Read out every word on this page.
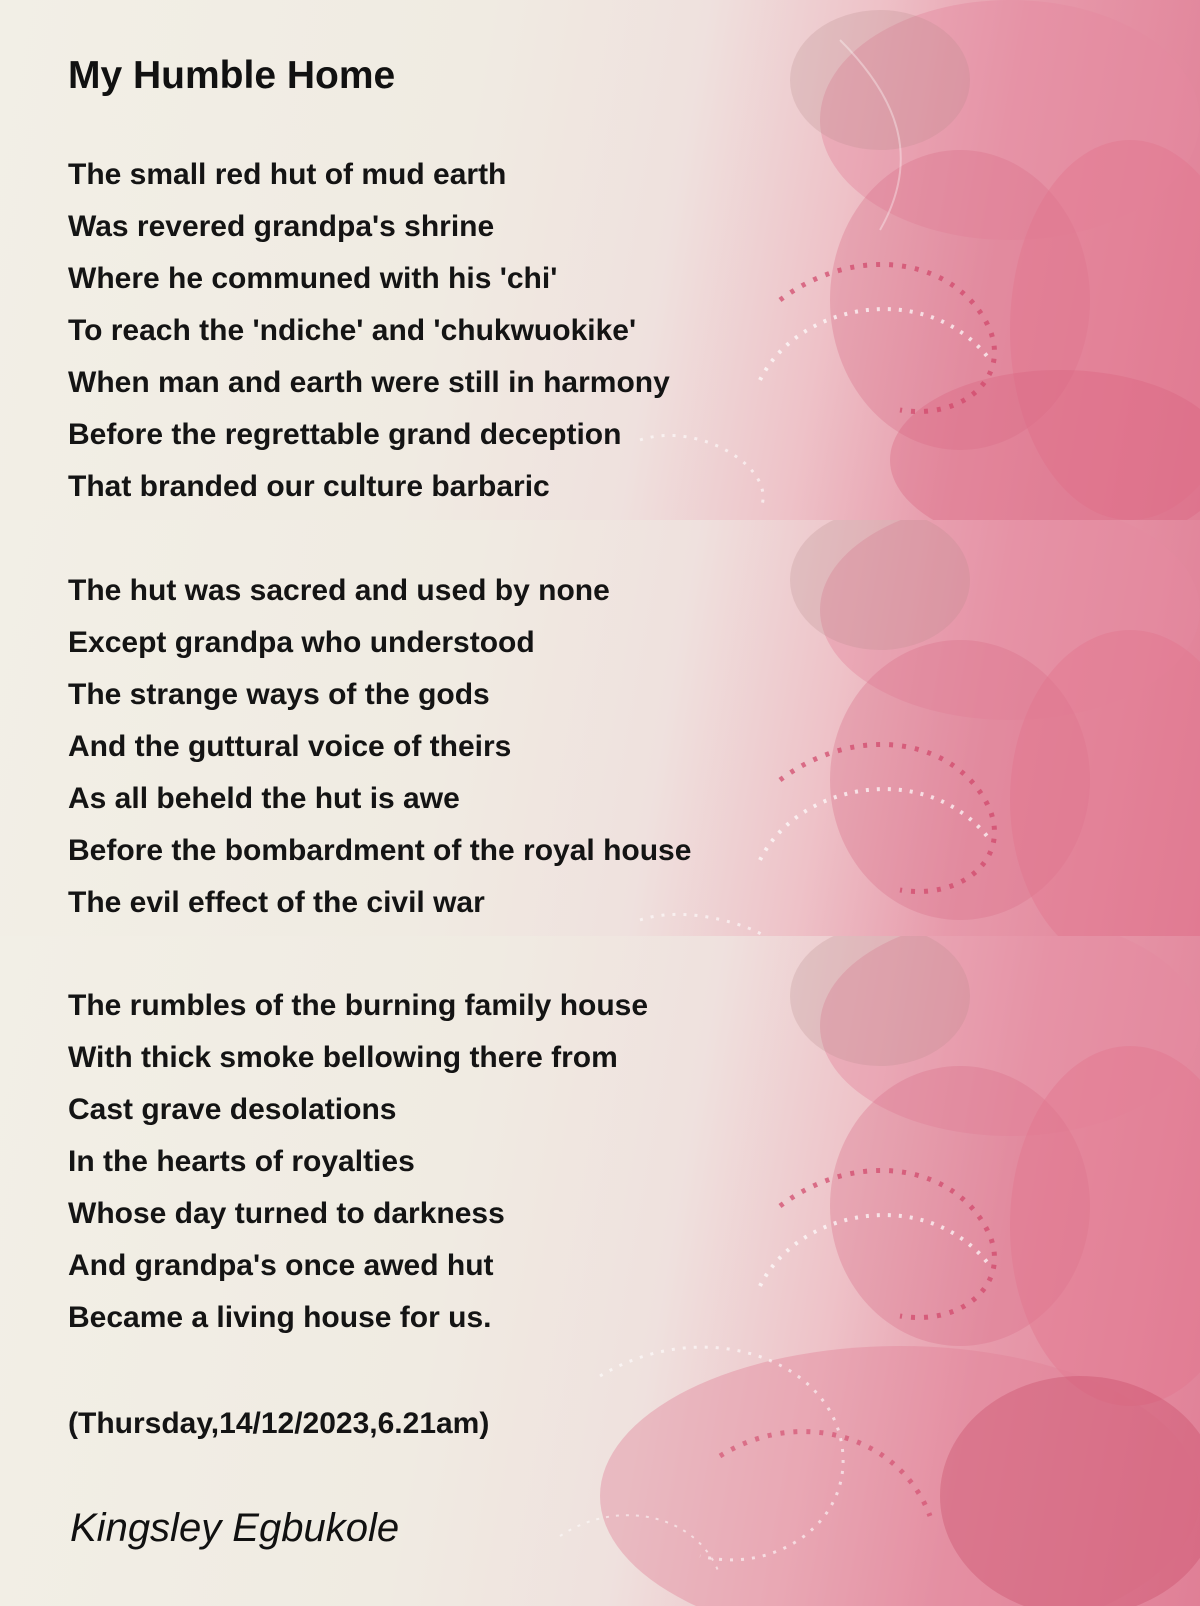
My Humble Home
The small red hut of mud earth
Was revered grandpa's shrine
Where he communed with his 'chi'
To reach the 'ndiche' and 'chukwuokike'
When man and earth were still in harmony
Before the regrettable grand deception
That branded our culture barbaric
The hut was sacred and used by none
Except grandpa who understood
The strange ways of the gods
And the guttural voice of theirs
As all beheld the hut is awe
Before the bombardment of the royal house
The evil effect of the civil war
The rumbles of the burning family house
With thick smoke bellowing there from
Cast grave desolations
In the hearts of royalties
Whose day turned to darkness
And grandpa's once awed hut
Became a living house for us.
(Thursday,14/12/2023,6.21am)
Kingsley Egbukole
